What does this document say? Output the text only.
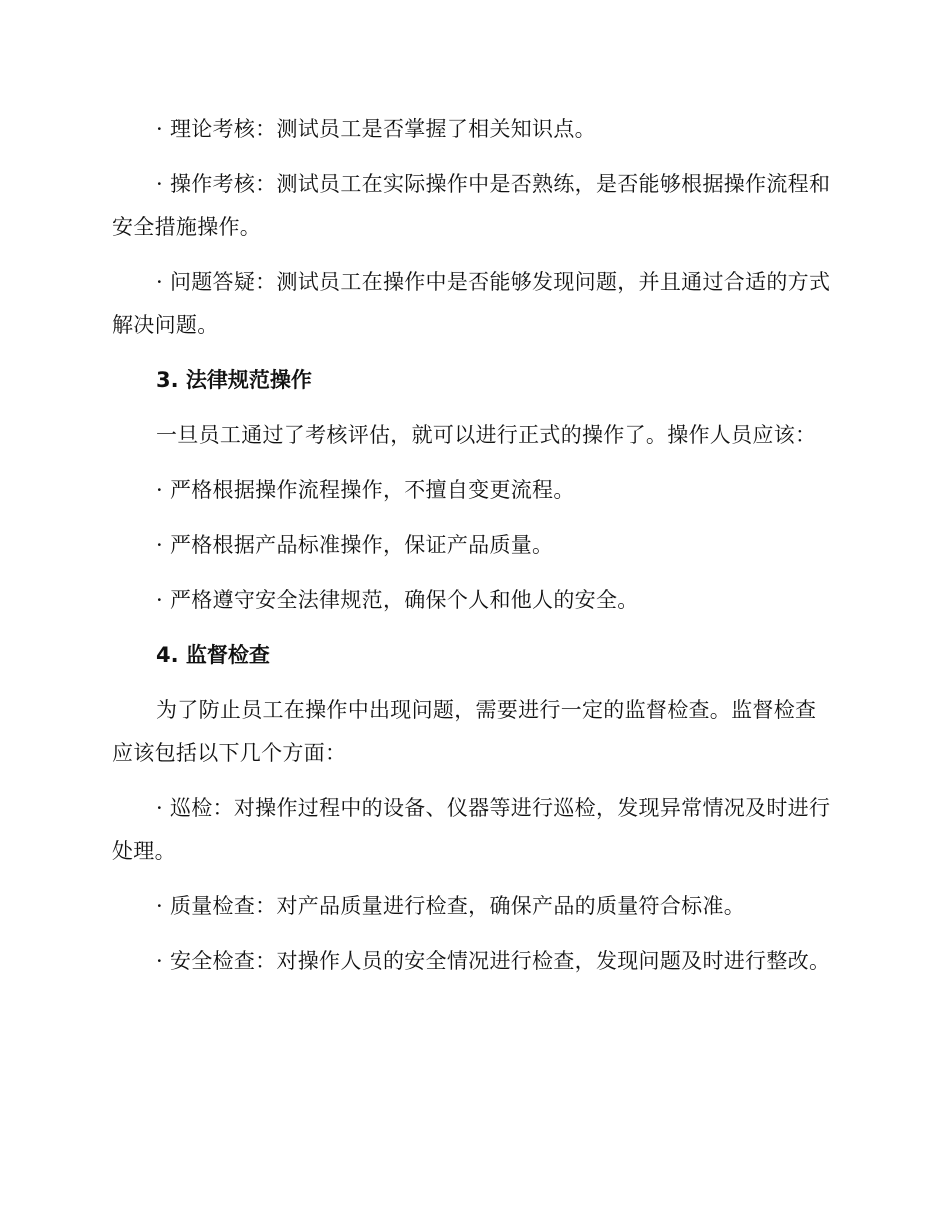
· 理论考核：测试员工是否掌握了相关知识点。

· 操作考核：测试员工在实际操作中是否熟练，是否能够根据操作流程和安全措施操作。

· 问题答疑：测试员工在操作中是否能够发现问题，并且通过合适的方式解决问题。

3. 法律规范操作

一旦员工通过了考核评估，就可以进行正式的操作了。操作人员应该：

· 严格根据操作流程操作，不擅自变更流程。

· 严格根据产品标准操作，保证产品质量。

· 严格遵守安全法律规范，确保个人和他人的安全。

4. 监督检查

为了防止员工在操作中出现问题，需要进行一定的监督检查。监督检查应该包括以下几个方面：

· 巡检：对操作过程中的设备、仪器等进行巡检，发现异常情况及时进行处理。

· 质量检查：对产品质量进行检查，确保产品的质量符合标准。

· 安全检查：对操作人员的安全情况进行检查，发现问题及时进行整改。
